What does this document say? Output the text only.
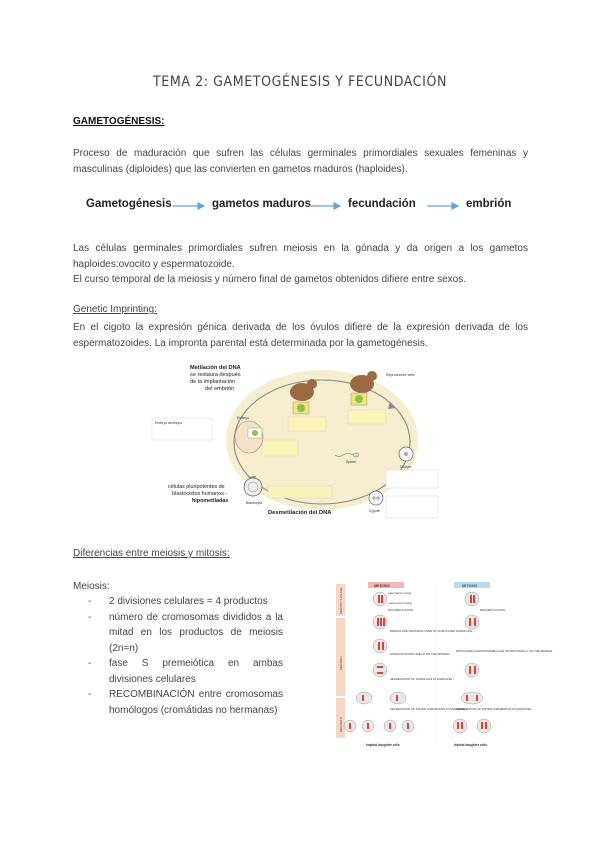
TEMA 2: GAMETOGÉNESIS Y FECUNDACIÓN
GAMETOGÉNESIS:
Proceso de maduración que sufren las células germinales primordiales sexuales femeninas y masculinas (diploides) que las convierten en gametos maduros (haploides).
Gametogénesis	gametos maduros	fecundación	embrión
Las células germinales primordiales sufren meiosis en la gónada y da origen a los gametos haploides:ovocito y espermatozoide.
El curso temporal de la meiosis y número final de gametos obtenidos difiere entre sexos.
Genetic Imprinting:
En el cigoto la expresión génica derivada de los óvulos difiere de la expresión derivada de los espermatozoides. La impronta parental está determinada por la gametogénesis.
Embryo develops
Reproductive cells
Embryo
Blastocyst
Sperm
Oocyte
Zygote
Metilación del DNA
se restaura después
de la implantación
del embrión
células pluripotentes de
blastocistos humanos -
hipometiladas
Desmetilación del DNA
Diferencias entre meiosis y mitosis:
Meiosis:
- 2 divisiones celulares = 4 productos
- número de cromosomas divididos a la mitad en los productos de meiosis (2n=n)
- fase S premeiótica en ambas divisiones celulares
- RECOMBINACIÓN entre cromosomas homólogos (cromátidas no hermanas)
MEIOTIC S PHASE
MEIOSIS I
MEIOSIS II
MEIOSIS	MITOSIS
paternal homolog
maternal homolog
DNA REPLICATION
PAIRING AND CROSSING OVER OF DUPLICATED HOMOLOGS
HOMOLOG PAIRS LINE UP ON THE SPINDLE
SEGREGATION OF HOMOLOGS AT ANAPHASE I
SEGREGATION OF SISTER CHROMATIDS AT ANAPHASE II
DNA REPLICATION
DUPLICATED CHROMOSOMES LINE UP INDIVIDUALLY ON THE SPINDLE
SEGREGATION OF SISTER CHROMATIDS AT ANAPHASE
haploid daughter cells	diploid daughter cells
